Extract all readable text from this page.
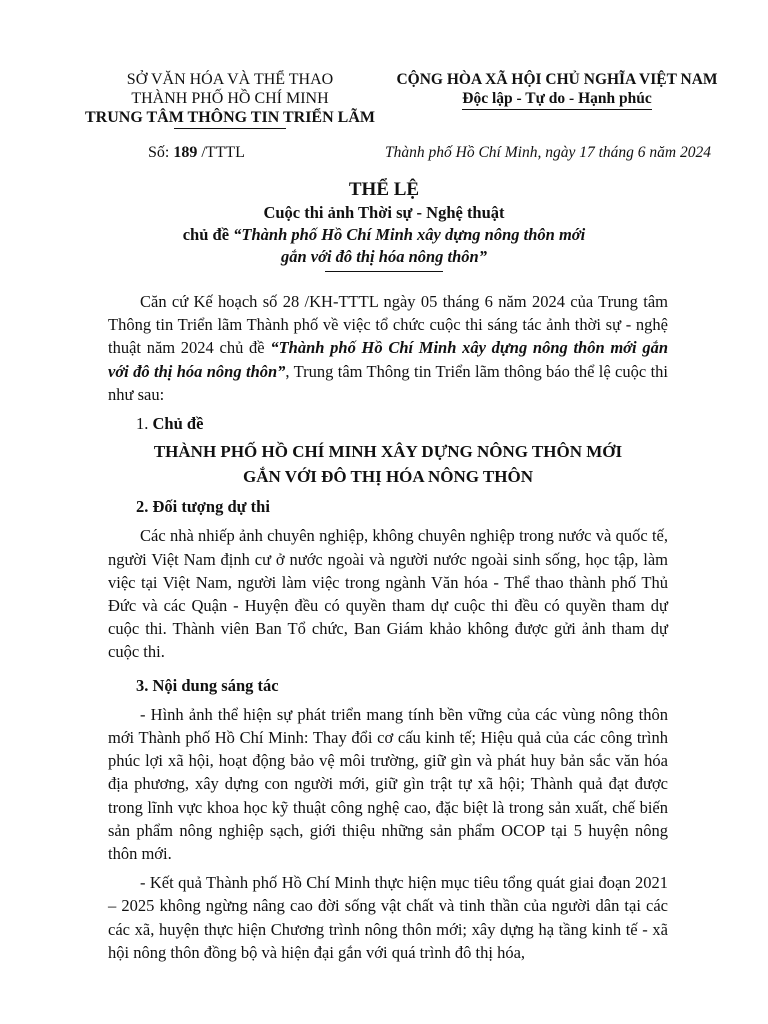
SỞ VĂN HÓA VÀ THỂ THAO
THÀNH PHỐ HỒ CHÍ MINH
TRUNG TÂM THÔNG TIN TRIỂN LÃM
CỘNG HÒA XÃ HỘI CHỦ NGHĨA VIỆT NAM
Độc lập - Tự do - Hạnh phúc
Số: 189 /TTTL	Thành phố Hồ Chí Minh, ngày 17 tháng 6 năm 2024
THỂ LỆ
Cuộc thi ảnh Thời sự - Nghệ thuật
chủ đề “Thành phố Hồ Chí Minh xây dựng nông thôn mới
gắn với đô thị hóa nông thôn”

Căn cứ Kế hoạch số 28 /KH-TTTL ngày 05 tháng 6 năm 2024 của Trung tâm Thông tin Triển lãm Thành phố về việc tổ chức cuộc thi sáng tác ảnh thời sự - nghệ thuật năm 2024 chủ đề “Thành phố Hồ Chí Minh xây dựng nông thôn mới gắn với đô thị hóa nông thôn”, Trung tâm Thông tin Triển lãm thông báo thể lệ cuộc thi như sau:

1. Chủ đề

THÀNH PHỐ HỒ CHÍ MINH XÂY DỰNG NÔNG THÔN MỚI
GẮN VỚI ĐÔ THỊ HÓA NÔNG THÔN

2. Đối tượng dự thi

Các nhà nhiếp ảnh chuyên nghiệp, không chuyên nghiệp trong nước và quốc tế, người Việt Nam định cư ở nước ngoài và người nước ngoài sinh sống, học tập, làm việc tại Việt Nam, người làm việc trong ngành Văn hóa - Thể thao thành phố Thủ Đức và các Quận - Huyện đều có quyền tham dự cuộc thi đều có quyền tham dự cuộc thi. Thành viên Ban Tổ chức, Ban Giám khảo không được gửi ảnh tham dự cuộc thi.

3. Nội dung sáng tác

- Hình ảnh thể hiện sự phát triển mang tính bền vững của các vùng nông thôn mới Thành phố Hồ Chí Minh: Thay đổi cơ cấu kinh tế; Hiệu quả của các công trình phúc lợi xã hội, hoạt động bảo vệ môi trường, giữ gìn và phát huy bản sắc văn hóa địa phương, xây dựng con người mới, giữ gìn trật tự xã hội; Thành quả đạt được trong lĩnh vực khoa học kỹ thuật công nghệ cao, đặc biệt là trong sản xuất, chế biến sản phẩm nông nghiệp sạch, giới thiệu những sản phẩm OCOP tại 5 huyện nông thôn mới.

- Kết quả Thành phố Hồ Chí Minh thực hiện mục tiêu tổng quát giai đoạn 2021 – 2025 không ngừng nâng cao đời sống vật chất và tinh thần của người dân tại các các xã, huyện thực hiện Chương trình nông thôn mới; xây dựng hạ tầng kinh tế - xã hội nông thôn đồng bộ và hiện đại gắn với quá trình đô thị hóa,
